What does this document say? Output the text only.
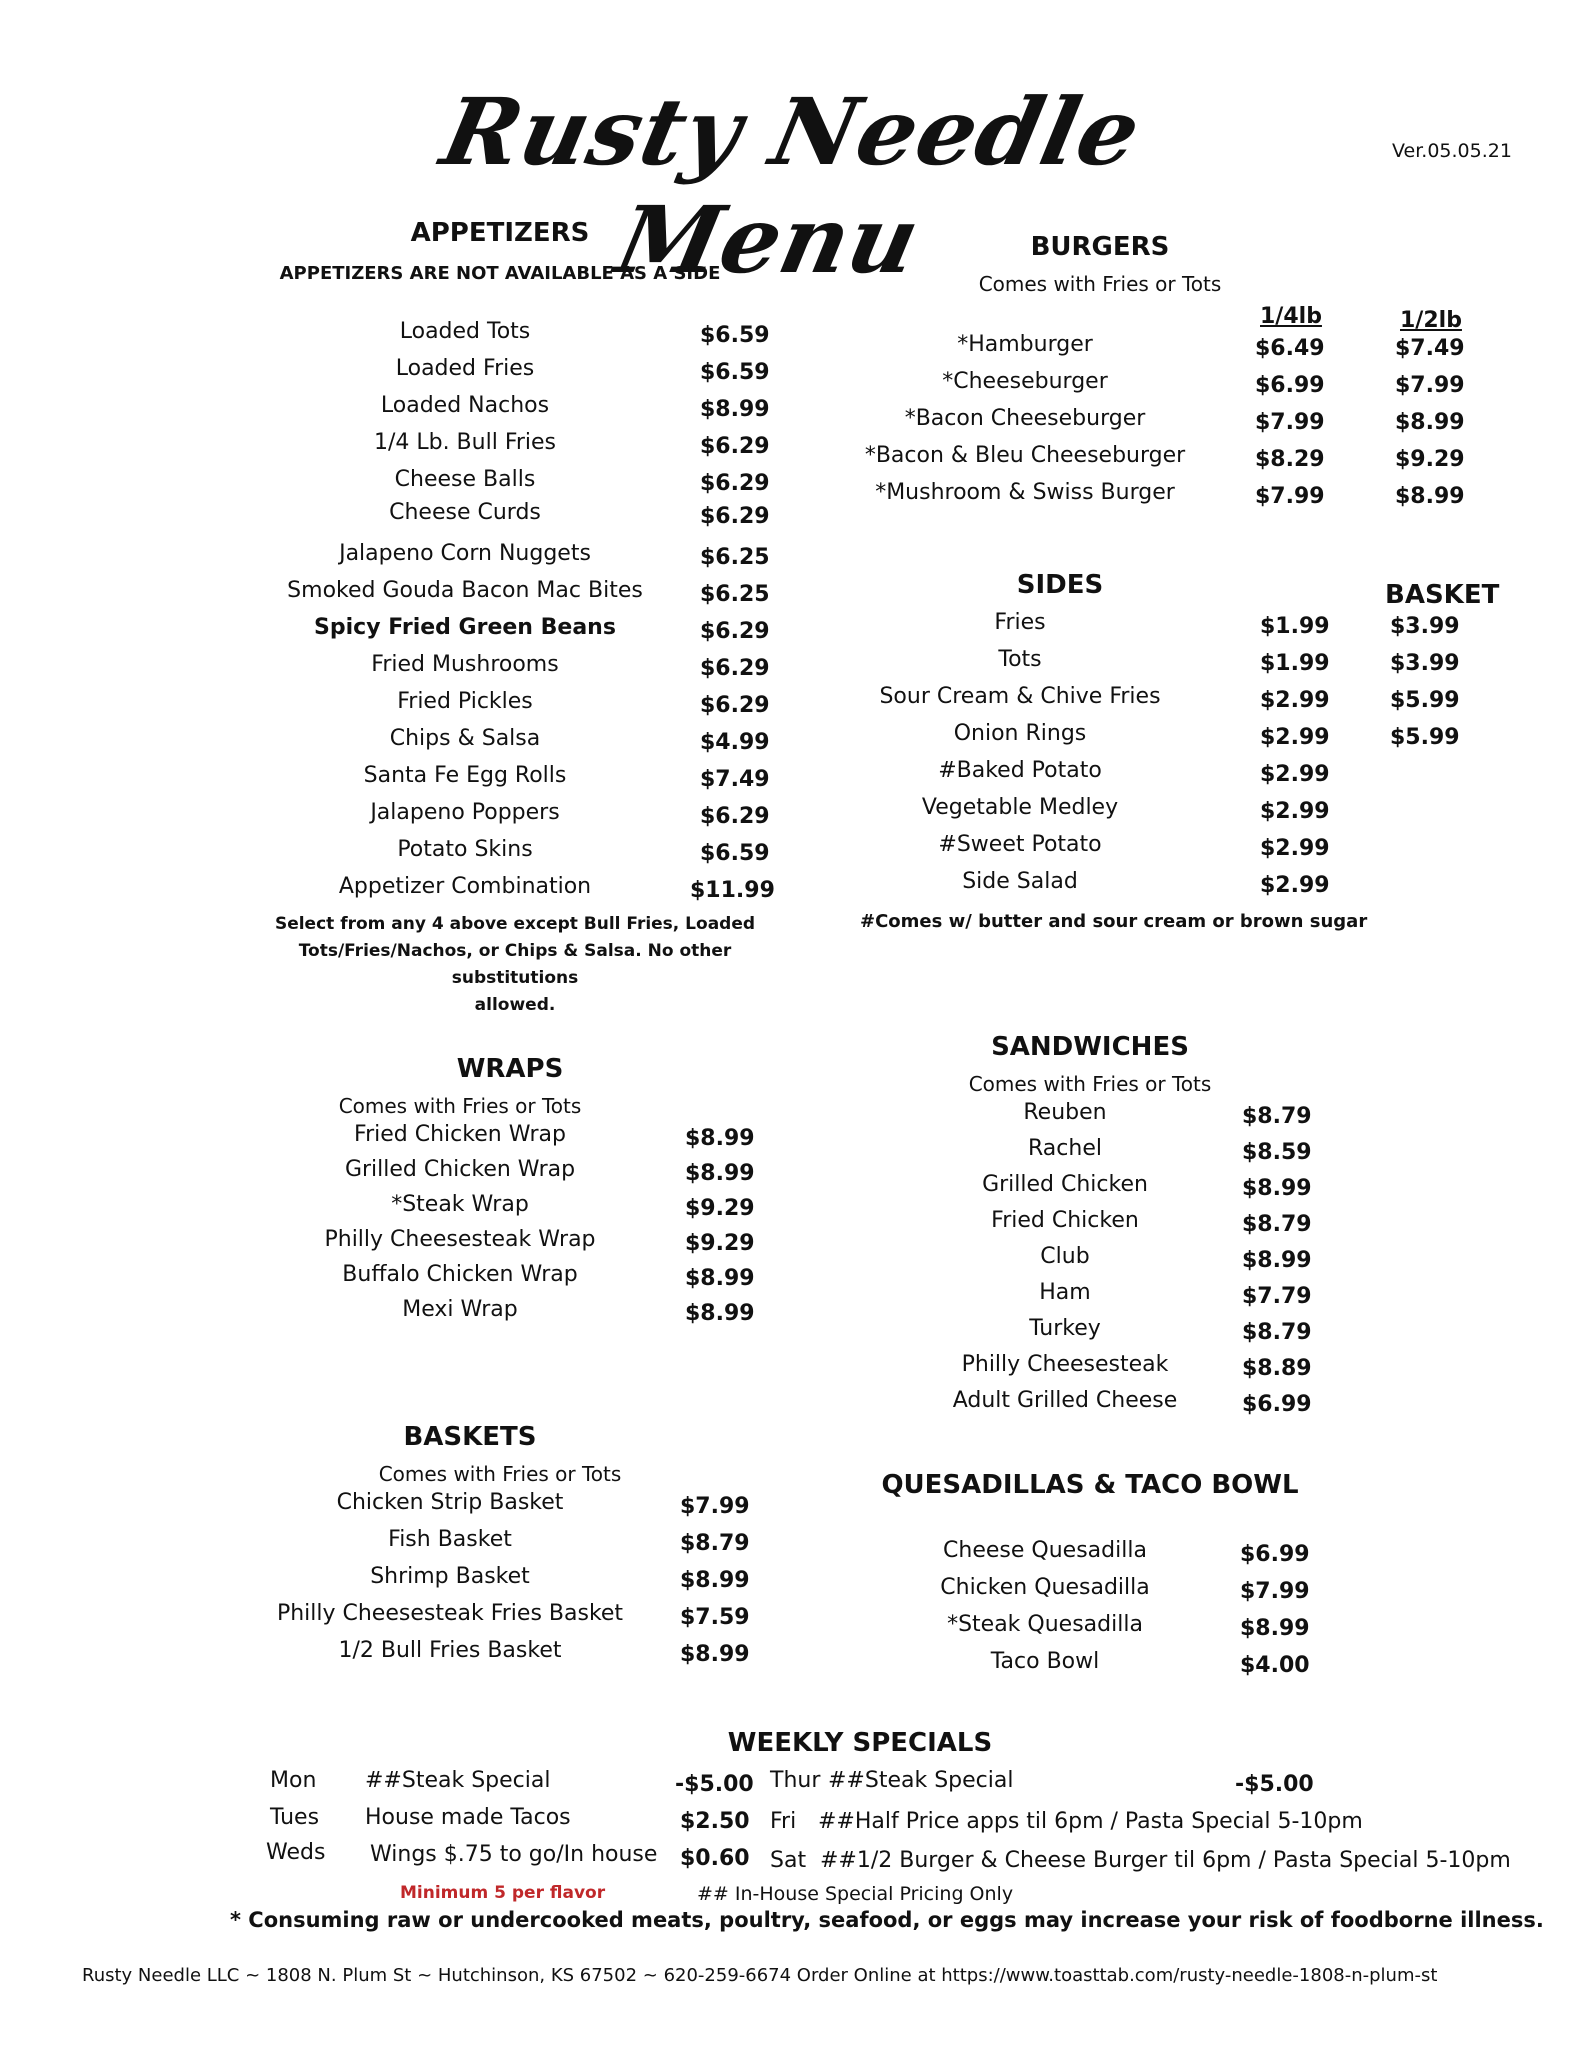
Rusty Needle Menu
Ver.05.05.21
APPETIZERS
APPETIZERS ARE NOT AVAILABLE AS A SIDE
Loaded Tots	$6.59
Loaded Fries	$6.59
Loaded Nachos	$8.99
1/4 Lb. Bull Fries	$6.29
Cheese Balls	$6.29
Cheese Curds	$6.29
Jalapeno Corn Nuggets	$6.25
Smoked Gouda Bacon Mac Bites	$6.25
Spicy Fried Green Beans	$6.29
Fried Mushrooms	$6.29
Fried Pickles	$6.29
Chips & Salsa	$4.99
Santa Fe Egg Rolls	$7.49
Jalapeno Poppers	$6.29
Potato Skins	$6.59
Appetizer Combination	$11.99
Select from any 4 above except Bull Fries, Loaded
Tots/Fries/Nachos, or Chips & Salsa. No other substitutions
allowed.
BURGERS
Comes with Fries or Tots
1/4lb	1/2lb
*Hamburger	$6.49	$7.49
*Cheeseburger	$6.99	$7.99
*Bacon Cheeseburger	$7.99	$8.99
*Bacon & Bleu Cheeseburger	$8.29	$9.29
*Mushroom & Swiss Burger	$7.99	$8.99
SIDES	BASKET
Fries	$1.99	$3.99
Tots	$1.99	$3.99
Sour Cream & Chive Fries	$2.99	$5.99
Onion Rings	$2.99	$5.99
#Baked Potato	$2.99
Vegetable Medley	$2.99
#Sweet Potato	$2.99
Side Salad	$2.99
#Comes w/ butter and sour cream or brown sugar
WRAPS
Comes with Fries or Tots
Fried Chicken Wrap	$8.99
Grilled Chicken Wrap	$8.99
*Steak Wrap	$9.29
Philly Cheesesteak Wrap	$9.29
Buffalo Chicken Wrap	$8.99
Mexi Wrap	$8.99
SANDWICHES
Comes with Fries or Tots
Reuben	$8.79
Rachel	$8.59
Grilled Chicken	$8.99
Fried Chicken	$8.79
Club	$8.99
Ham	$7.79
Turkey	$8.79
Philly Cheesesteak	$8.89
Adult Grilled Cheese	$6.99
BASKETS
Comes with Fries or Tots
Chicken Strip Basket	$7.99
Fish Basket	$8.79
Shrimp Basket	$8.99
Philly Cheesesteak Fries Basket	$7.59
1/2 Bull Fries Basket	$8.99
QUESADILLAS & TACO BOWL
Cheese Quesadilla	$6.99
Chicken Quesadilla	$7.99
*Steak Quesadilla	$8.99
Taco Bowl	$4.00
WEEKLY SPECIALS
Mon ##Steak Special	-$5.00 Thur ##Steak Special	-$5.00
Tues House made Tacos	$2.50 Fri ##Half Price apps til 6pm / Pasta Special 5-10pm
Weds Wings $.75 to go/In house $0.60 Sat ##1/2 Burger & Cheese Burger til 6pm / Pasta Special 5-10pm
Minimum 5 per flavor	## In-House Special Pricing Only
* Consuming raw or undercooked meats, poultry, seafood, or eggs may increase your risk of foodborne illness.
Rusty Needle LLC ~ 1808 N. Plum St ~ Hutchinson, KS 67502 ~ 620-259-6674 Order Online at https://www.toasttab.com/rusty-needle-1808-n-plum-st
